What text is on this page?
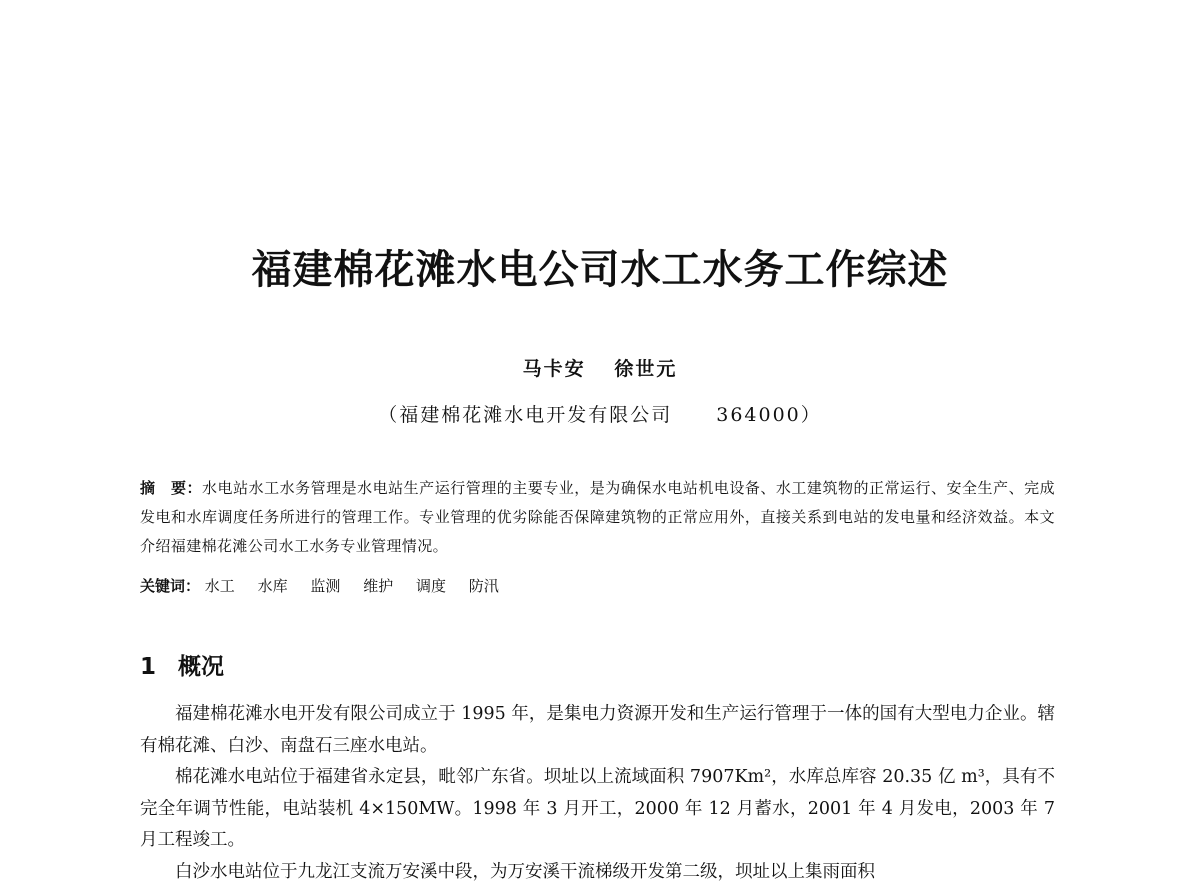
福建棉花滩水电公司水工水务工作综述
马卡安 徐世元
（福建棉花滩水电开发有限公司 364000）
摘　要：水电站水工水务管理是水电站生产运行管理的主要专业，是为确保水电站机电设备、水工建筑物的正常运行、安全生产、完成发电和水库调度任务所进行的管理工作。专业管理的优劣除能否保障建筑物的正常应用外，直接关系到电站的发电量和经济效益。本文介绍福建棉花滩公司水工水务专业管理情况。
关键词： 水工 水库 监测 维护 调度 防汛
1 概况

福建棉花滩水电开发有限公司成立于 1995 年，是集电力资源开发和生产运行管理于一体的国有大型电力企业。辖有棉花滩、白沙、南盘石三座水电站。

棉花滩水电站位于福建省永定县，毗邻广东省。坝址以上流域面积 7907Km²，水库总库容 20.35 亿 m³，具有不完全年调节性能，电站装机 4×150MW。1998 年 3 月开工，2000 年 12 月蓄水，2001 年 4 月发电，2003 年 7 月工程竣工。

白沙水电站位于九龙江支流万安溪中段，为万安溪干流梯级开发第二级，坝址以上集雨面积
